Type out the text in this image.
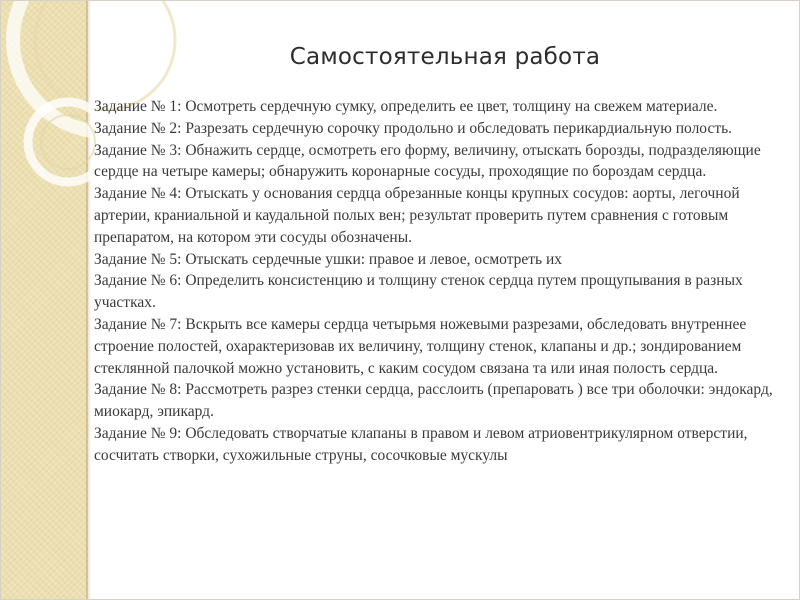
Самостоятельная работа

Задание № 1: Осмотреть сердечную сумку, определить ее цвет, толщину на свежем материале.

Задание № 2: Разрезать сердечную сорочку продольно и обследовать перикардиальную полость.

Задание № 3: Обнажить сердце, осмотреть его форму, величину, отыскать борозды, подразделяющие сердце на четыре камеры; обнаружить коронарные сосуды, проходящие по бороздам сердца.

Задание № 4: Отыскать у основания сердца обрезанные концы крупных сосудов: аорты, легочной артерии, краниальной и каудальной полых вен; результат проверить путем сравнения с готовым препаратом, на котором эти сосуды обозначены.

Задание № 5: Отыскать сердечные ушки: правое и левое, осмотреть их

Задание № 6: Определить консистенцию и толщину стенок сердца путем прощупывания в разных участках.

Задание № 7: Вскрыть все камеры сердца четырьмя ножевыми разрезами, обследовать внутреннее строение полостей, охарактеризовав их величину, толщину стенок, клапаны и др.; зондированием стеклянной палочкой можно установить, с каким сосудом связана та или иная полость сердца.

Задание № 8: Рассмотреть разрез стенки сердца, расслоить (препаровать ) все три оболочки: эндокард, миокард, эпикард.

Задание № 9: Обследовать створчатые клапаны в правом и левом атриовентрикулярном отверстии, сосчитать створки, сухожильные струны, сосочковые мускулы
